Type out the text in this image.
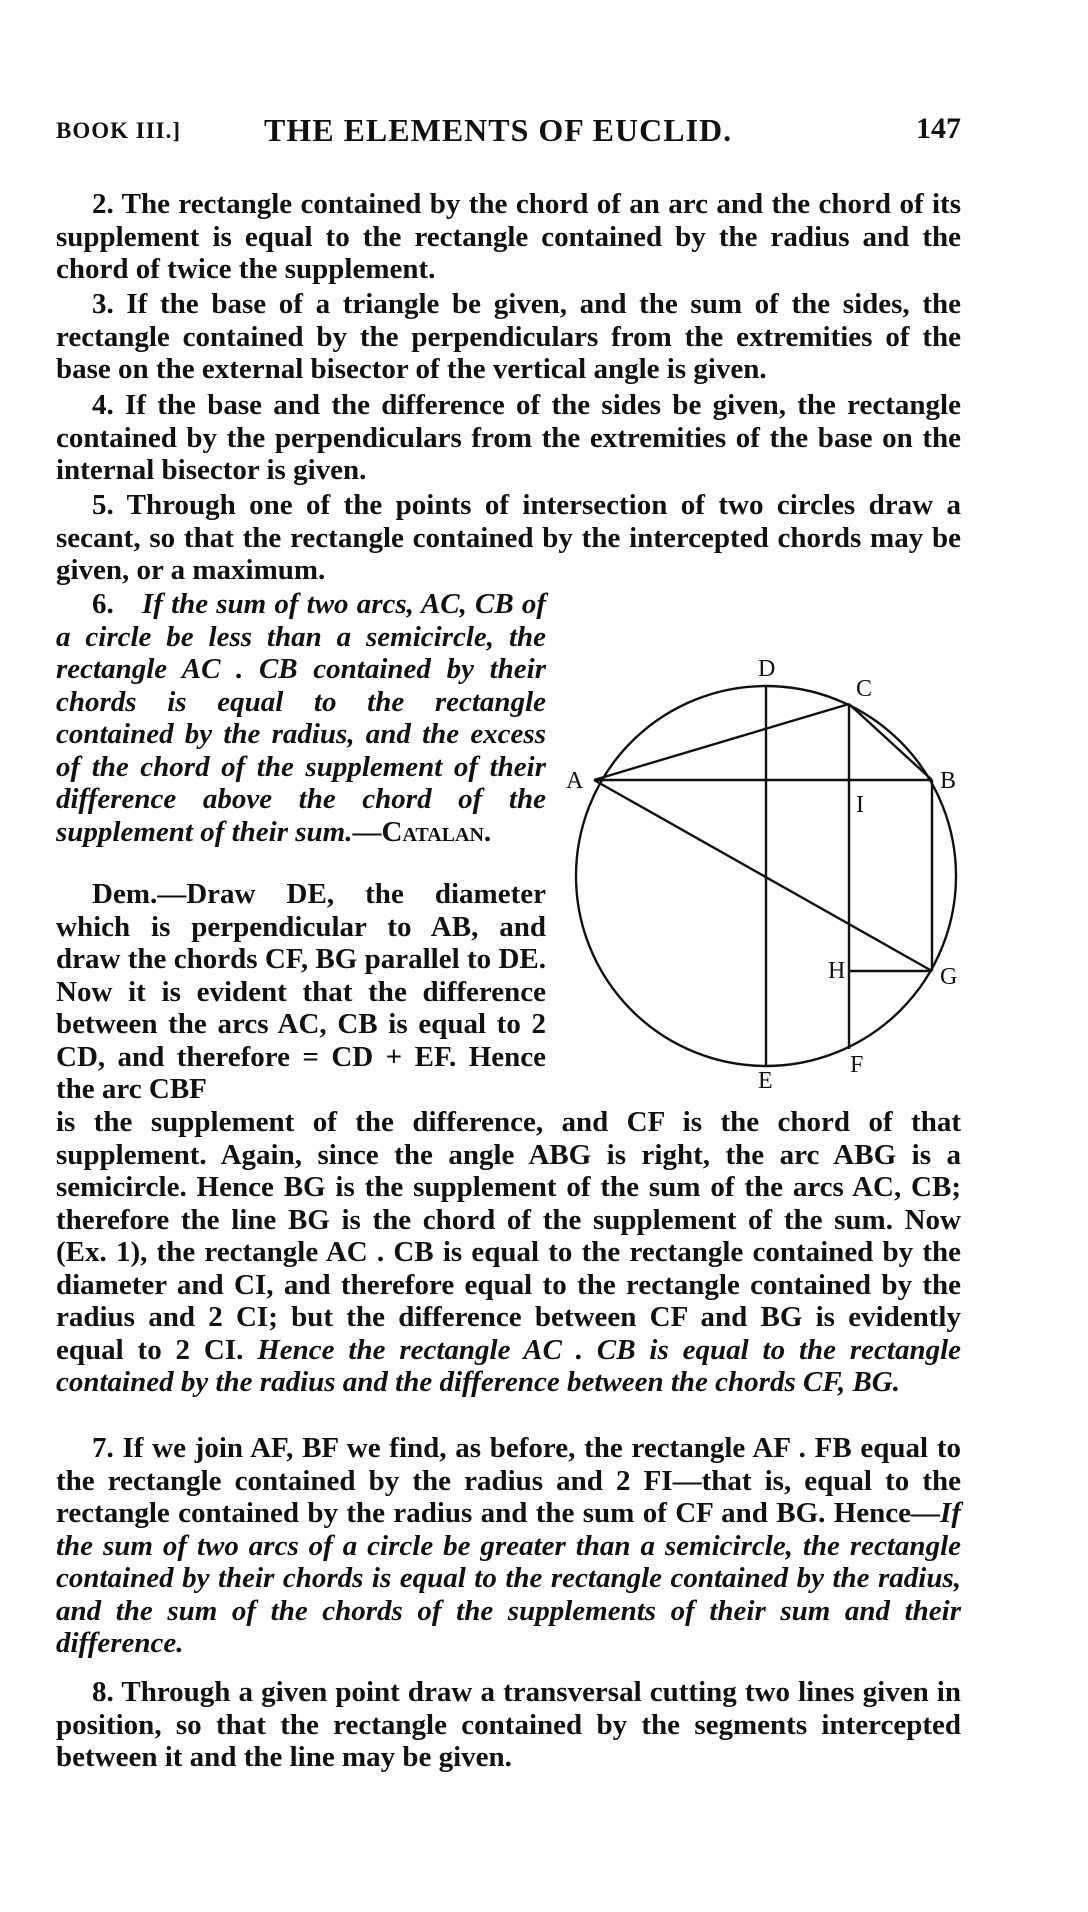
BOOK III.]	THE ELEMENTS OF EUCLID.	147
2. The rectangle contained by the chord of an arc and the chord of its supplement is equal to the rectangle contained by the radius and the chord of twice the supplement.
3. If the base of a triangle be given, and the sum of the sides, the rectangle contained by the perpendiculars from the extremities of the base on the external bisector of the vertical angle is given.
4. If the base and the difference of the sides be given, the rectangle contained by the perpendiculars from the extremities of the base on the internal bisector is given.
5. Through one of the points of intersection of two circles draw a secant, so that the rectangle contained by the intercepted chords may be given, or a maximum.
6. If the sum of two arcs, AC, CB of a circle be less than a semicircle, the rectangle AC . CB contained by their chords is equal to the rectangle contained by the radius, and the excess of the chord of the supplement of their difference above the chord of the supplement of their sum.—Catalan.
Dem.—Draw DE, the diameter which is perpendicular to AB, and draw the chords CF, BG parallel to DE. Now it is evident that the difference between the arcs AC, CB is equal to 2 CD, and therefore = CD + EF. Hence the arc CBF
is the supplement of the difference, and CF is the chord of that supplement. Again, since the angle ABG is right, the arc ABG is a semicircle. Hence BG is the supplement of the sum of the arcs AC, CB; therefore the line BG is the chord of the supplement of the sum. Now (Ex. 1), the rectangle AC . CB is equal to the rectangle contained by the diameter and CI, and therefore equal to the rectangle contained by the radius and 2 CI; but the difference between CF and BG is evidently equal to 2 CI. Hence the rectangle AC . CB is equal to the rectangle contained by the radius and the difference between the chords CF, BG.
7. If we join AF, BF we find, as before, the rectangle AF . FB equal to the rectangle contained by the radius and 2 FI—that is, equal to the rectangle contained by the radius and the sum of CF and BG. Hence—If the sum of two arcs of a circle be greater than a semicircle, the rectangle contained by their chords is equal to the rectangle contained by the radius, and the sum of the chords of the supplements of their sum and their difference.
8. Through a given point draw a transversal cutting two lines given in position, so that the rectangle contained by the segments intercepted between it and the line may be given.
A	B
C
D
E
F
G
H
I
